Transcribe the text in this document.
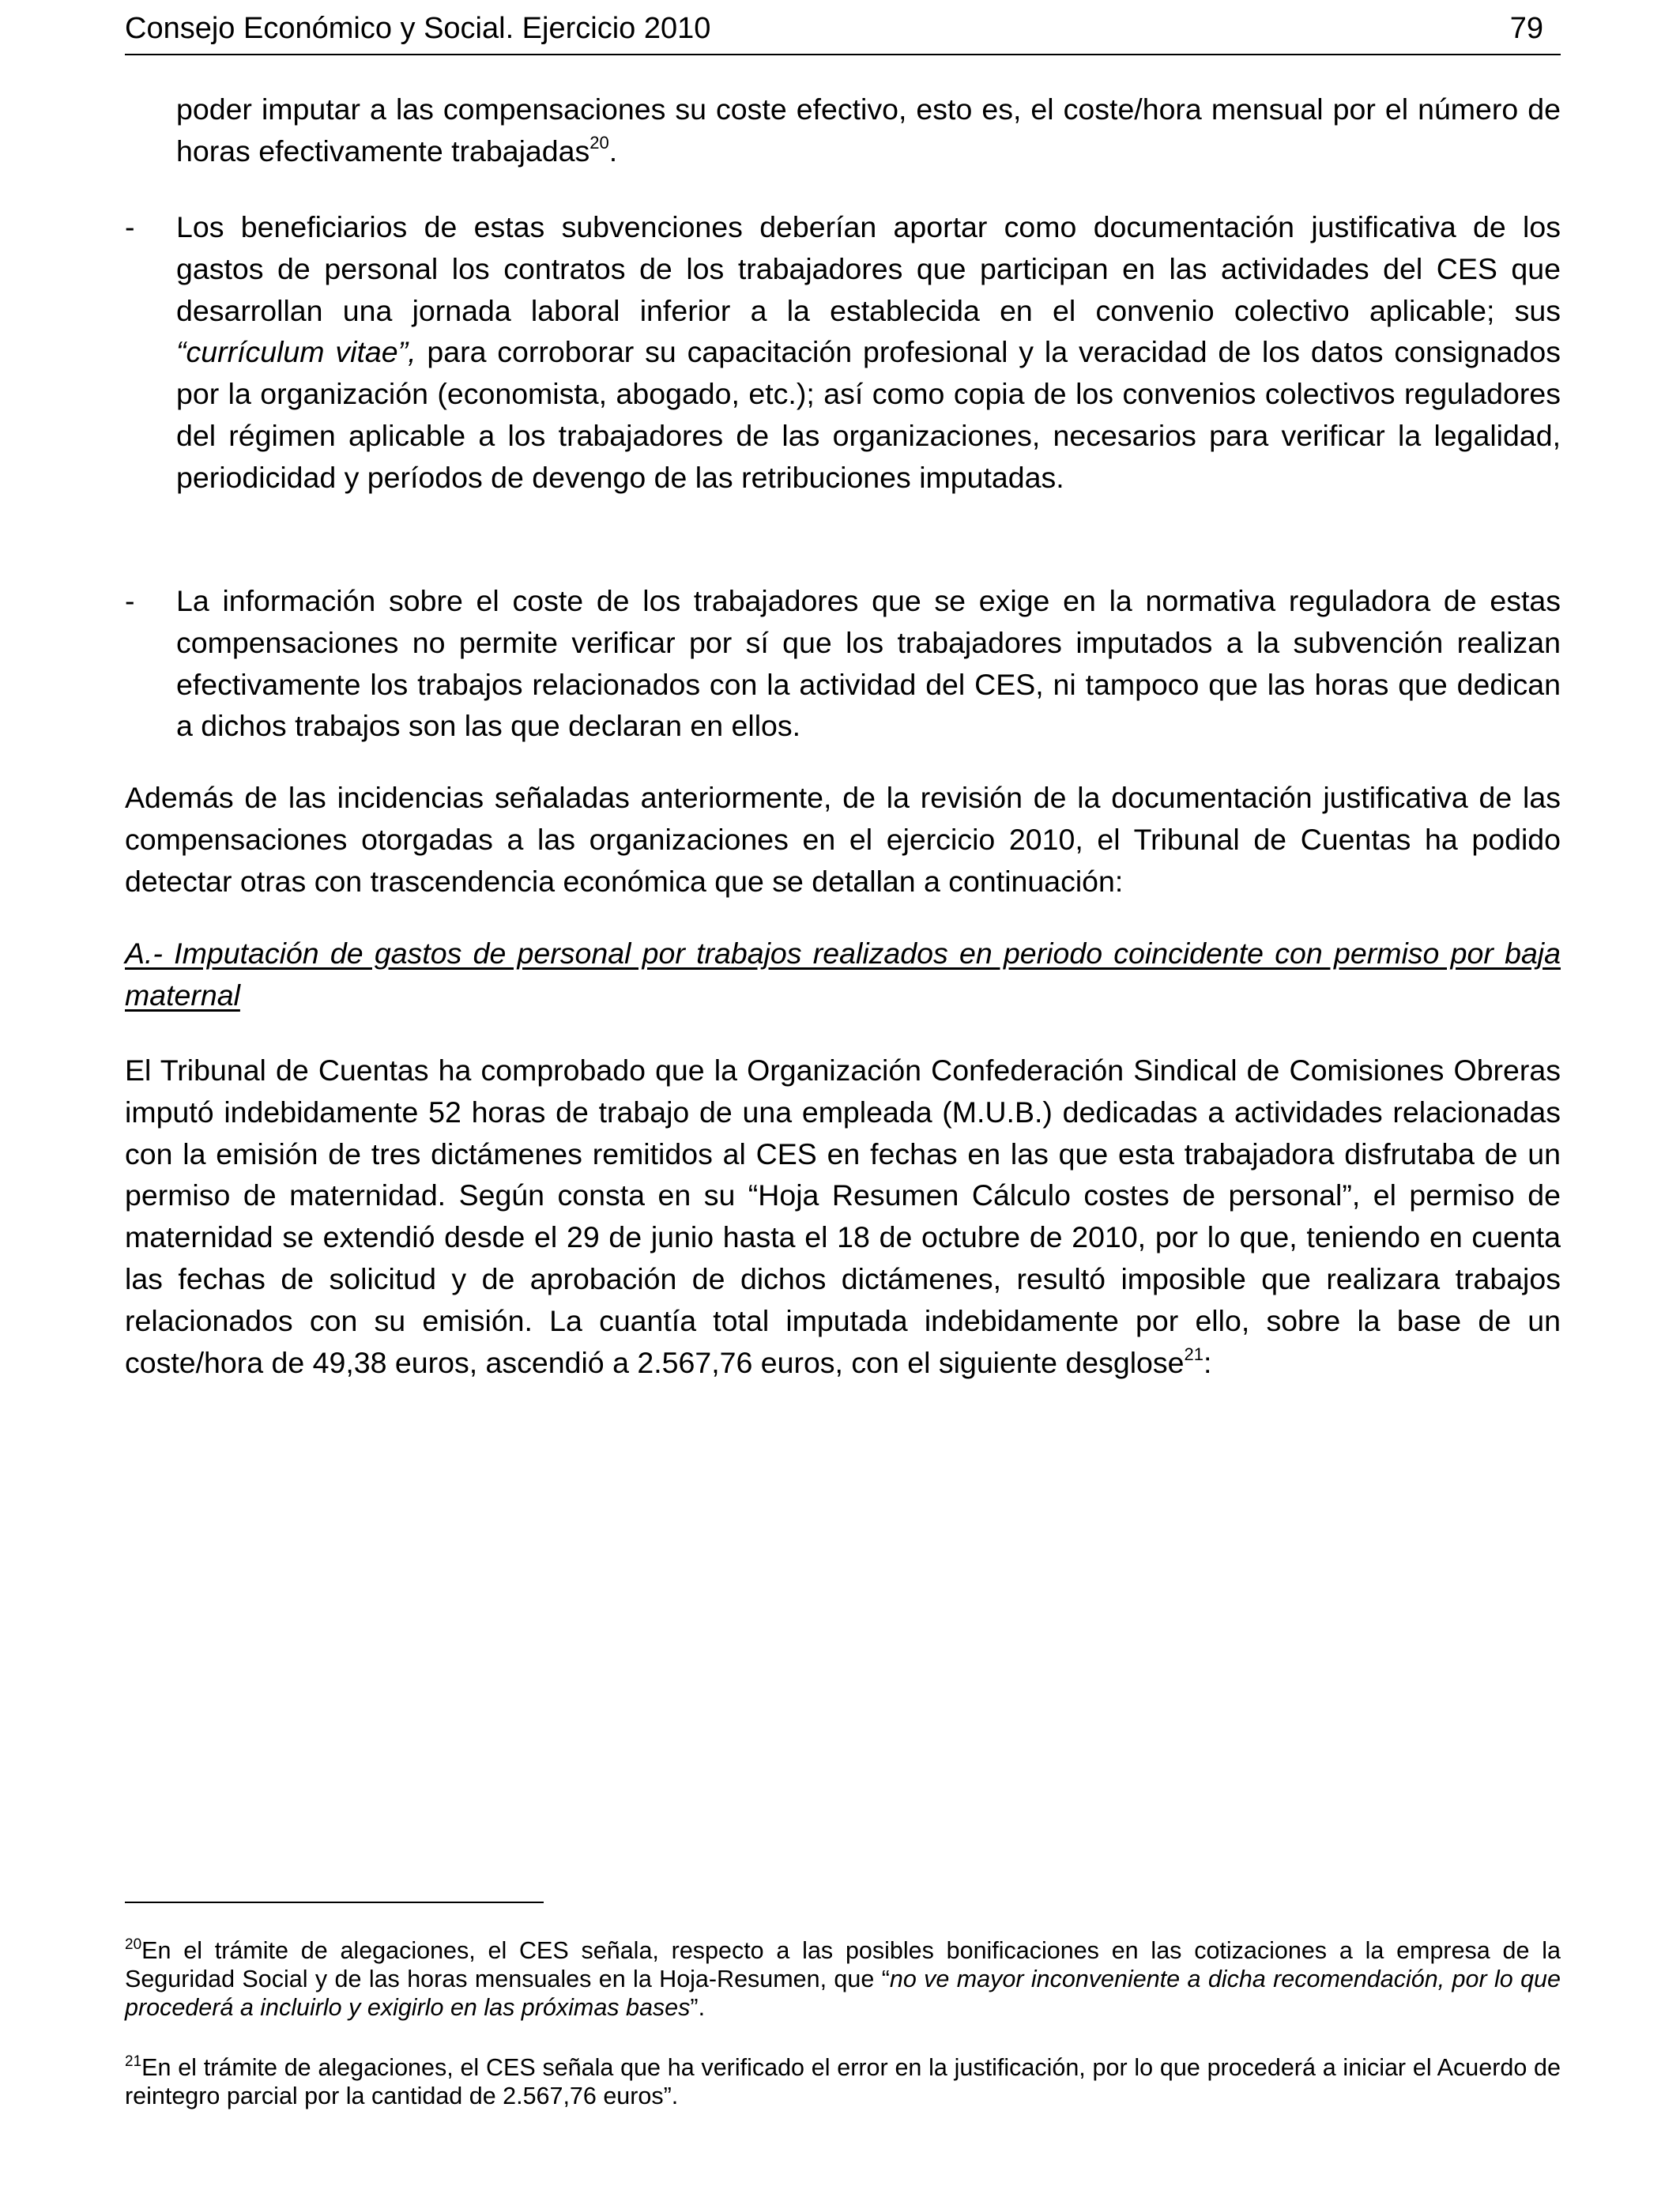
Consejo Económico y Social. Ejercicio 2010	79
poder imputar a las compensaciones su coste efectivo, esto es, el coste/hora mensual por el número de horas efectivamente trabajadas$^{20}$.
- Los beneficiarios de estas subvenciones deberían aportar como documentación justificativa de los gastos de personal los contratos de los trabajadores que participan en las actividades del CES que desarrollan una jornada laboral inferior a la establecida en el convenio colectivo aplicable; sus “currículum vitae”, para corroborar su capacitación profesional y la veracidad de los datos consignados por la organización (economista, abogado, etc.); así como copia de los convenios colectivos reguladores del régimen aplicable a los trabajadores de las organizaciones, necesarios para verificar la legalidad, periodicidad y períodos de devengo de las retribuciones imputadas.
- La información sobre el coste de los trabajadores que se exige en la normativa reguladora de estas compensaciones no permite verificar por sí que los trabajadores imputados a la subvención realizan efectivamente los trabajos relacionados con la actividad del CES, ni tampoco que las horas que dedican a dichos trabajos son las que declaran en ellos.
Además de las incidencias señaladas anteriormente, de la revisión de la documentación justificativa de las compensaciones otorgadas a las organizaciones en el ejercicio 2010, el Tribunal de Cuentas ha podido detectar otras con trascendencia económica que se detallan a continuación:
A.- Imputación de gastos de personal por trabajos realizados en periodo coincidente con permiso por baja maternal
El Tribunal de Cuentas ha comprobado que la Organización Confederación Sindical de Comisiones Obreras imputó indebidamente 52 horas de trabajo de una empleada (M.U.B.) dedicadas a actividades relacionadas con la emisión de tres dictámenes remitidos al CES en fechas en las que esta trabajadora disfrutaba de un permiso de maternidad. Según consta en su “Hoja Resumen Cálculo costes de personal”, el permiso de maternidad se extendió desde el 29 de junio hasta el 18 de octubre de 2010, por lo que, teniendo en cuenta las fechas de solicitud y de aprobación de dichos dictámenes, resultó imposible que realizara trabajos relacionados con su emisión. La cuantía total imputada indebidamente por ello, sobre la base de un coste/hora de 49,38 euros, ascendió a 2.567,76 euros, con el siguiente desglose$^{21}$:
$^{20}$En el trámite de alegaciones, el CES señala, respecto a las posibles bonificaciones en las cotizaciones a la empresa de la Seguridad Social y de las horas mensuales en la Hoja-Resumen, que “no ve mayor inconveniente a dicha recomendación, por lo que procederá a incluirlo y exigirlo en las próximas bases”.
$^{21}$En el trámite de alegaciones, el CES señala que ha verificado el error en la justificación, por lo que procederá a iniciar el Acuerdo de reintegro parcial por la cantidad de 2.567,76 euros”.
